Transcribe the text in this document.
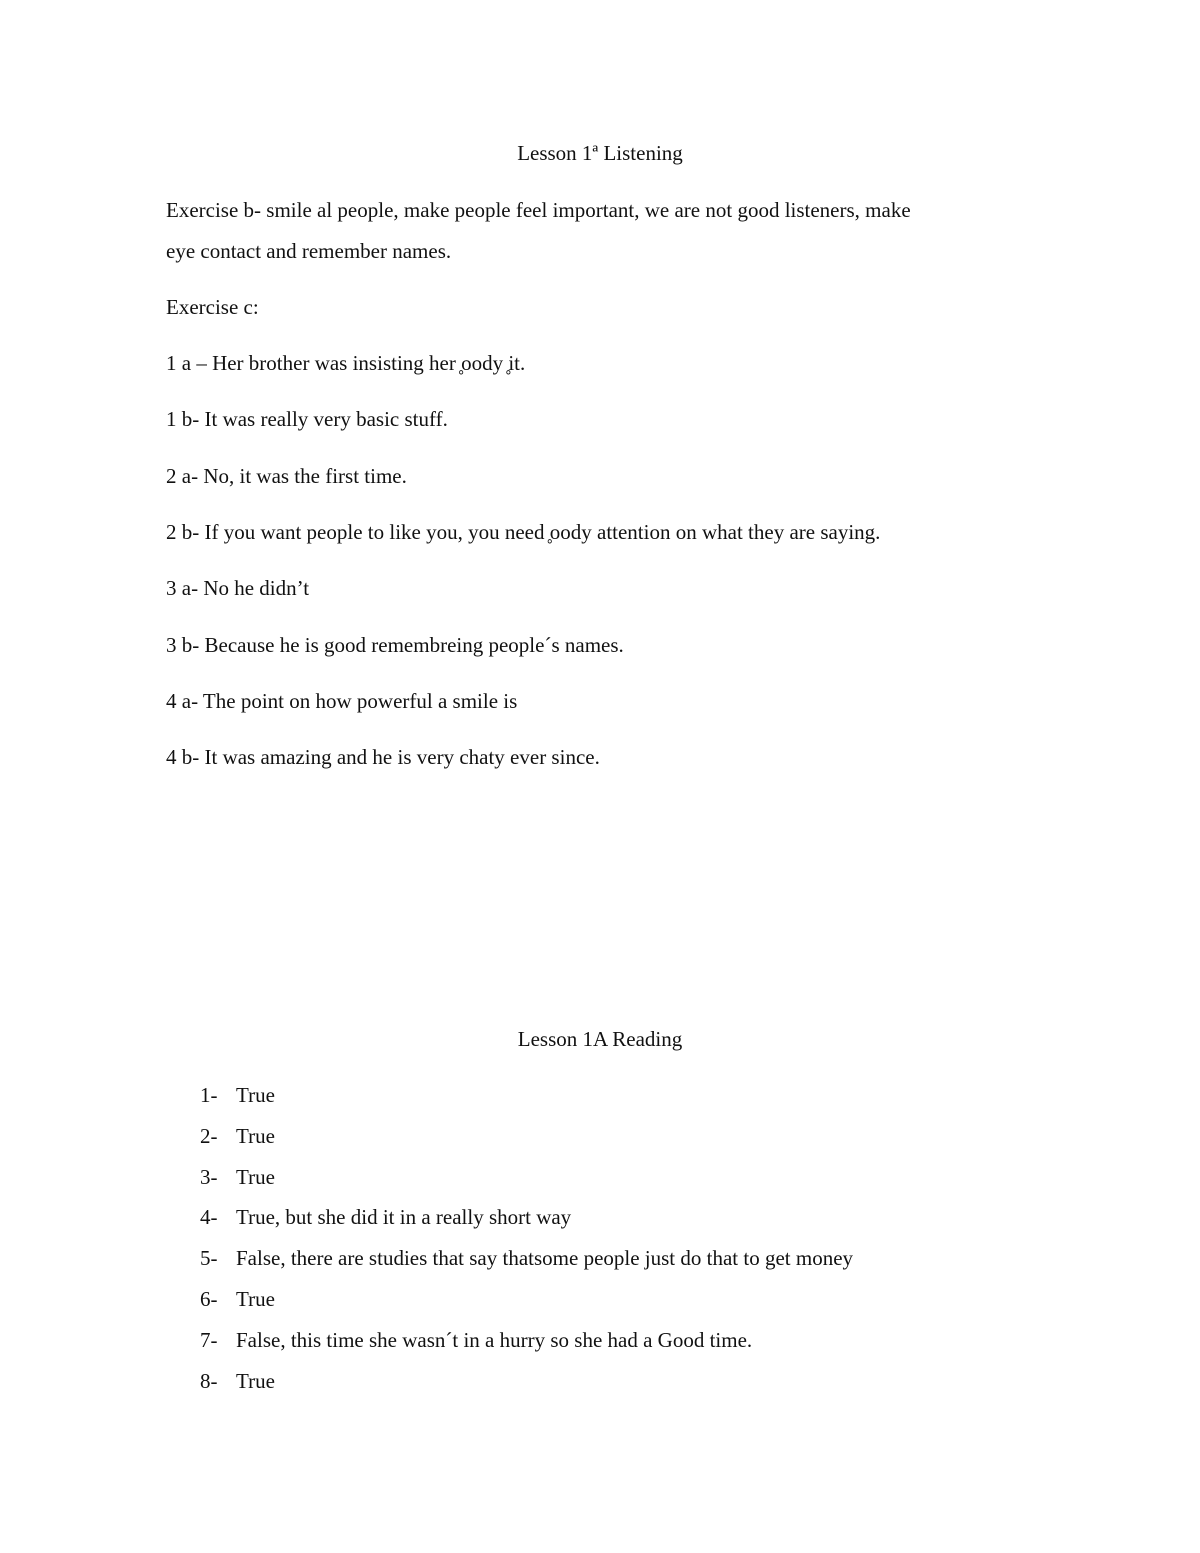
Lesson 1ª Listening
Exercise b- smile al people, make people feel important, we are not good listeners, make
eye contact and remember names.
Exercise c:
1 a – Her brother was insisting her ̥oody ̥it.
1 b- It was really very basic stuff.
2 a- No, it was the first time.
2 b- If you want people to like you, you need ̥oody attention on what they are saying.
3 a- No he didn’t
3 b- Because he is good remembreing people´s names.
4 a- The point on how powerful a smile is
4 b- It was amazing and he is very chaty ever since.
Lesson 1A Reading
1- True
2- True
3- True
4- True, but she did it in a really short way
5- False, there are studies that say thatsome people just do that to get money
6- True
7- False, this time she wasn´t in a hurry so she had a Good time.
8- True
